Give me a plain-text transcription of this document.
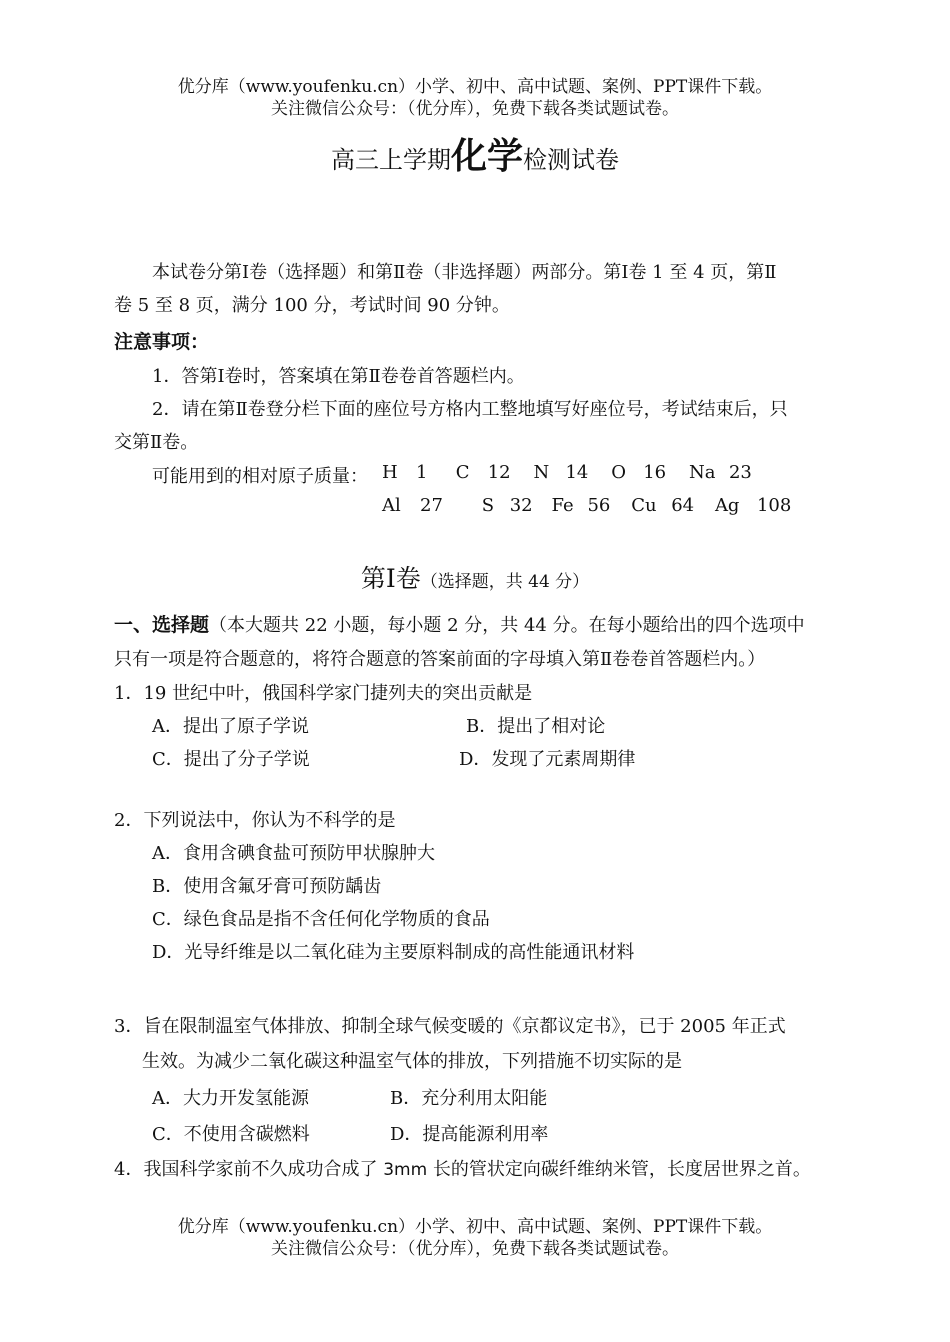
优分库（www.youfenku.cn）小学、初中、高中试题、案例、PPT课件下载。
关注微信公众号：（优分库），免费下载各类试题试卷。
高三上学期化学检测试卷
本试卷分第Ⅰ卷（选择题）和第Ⅱ卷（非选择题）两部分。第Ⅰ卷 1 至 4 页，第Ⅱ
卷 5 至 8 页，满分 100 分，考试时间 90 分钟。
注意事项：
1．答第Ⅰ卷时，答案填在第Ⅱ卷卷首答题栏内。
2．请在第Ⅱ卷登分栏下面的座位号方格内工整地填写好座位号，考试结束后，只
交第Ⅱ卷。
可能用到的相对原子质量： H 1 C 12 N 14 O 16 Na 23
Al 27 S 32 Fe 56 Cu 64 Ag 108
第Ⅰ卷（选择题，共 44 分）
一、选择题（本大题共 22 小题，每小题 2 分，共 44 分。在每小题给出的四个选项中
只有一项是符合题意的，将符合题意的答案前面的字母填入第Ⅱ卷卷首答题栏内。）
1．19 世纪中叶，俄国科学家门捷列夫的突出贡献是
A．提出了原子学说	B．提出了相对论
C．提出了分子学说	D．发现了元素周期律
2．下列说法中，你认为不科学的是
A．食用含碘食盐可预防甲状腺肿大
B．使用含氟牙膏可预防龋齿
C．绿色食品是指不含任何化学物质的食品
D．光导纤维是以二氧化硅为主要原料制成的高性能通讯材料
3．旨在限制温室气体排放、抑制全球气候变暖的《京都议定书》，已于 2005 年正式
生效。为减少二氧化碳这种温室气体的排放，下列措施不切实际的是
A．大力开发氢能源	B．充分利用太阳能
C．不使用含碳燃料	D．提高能源利用率
4．我国科学家前不久成功合成了 3mm 长的管状定向碳纤维纳米管，长度居世界之首。
优分库（www.youfenku.cn）小学、初中、高中试题、案例、PPT课件下载。
关注微信公众号：（优分库），免费下载各类试题试卷。
